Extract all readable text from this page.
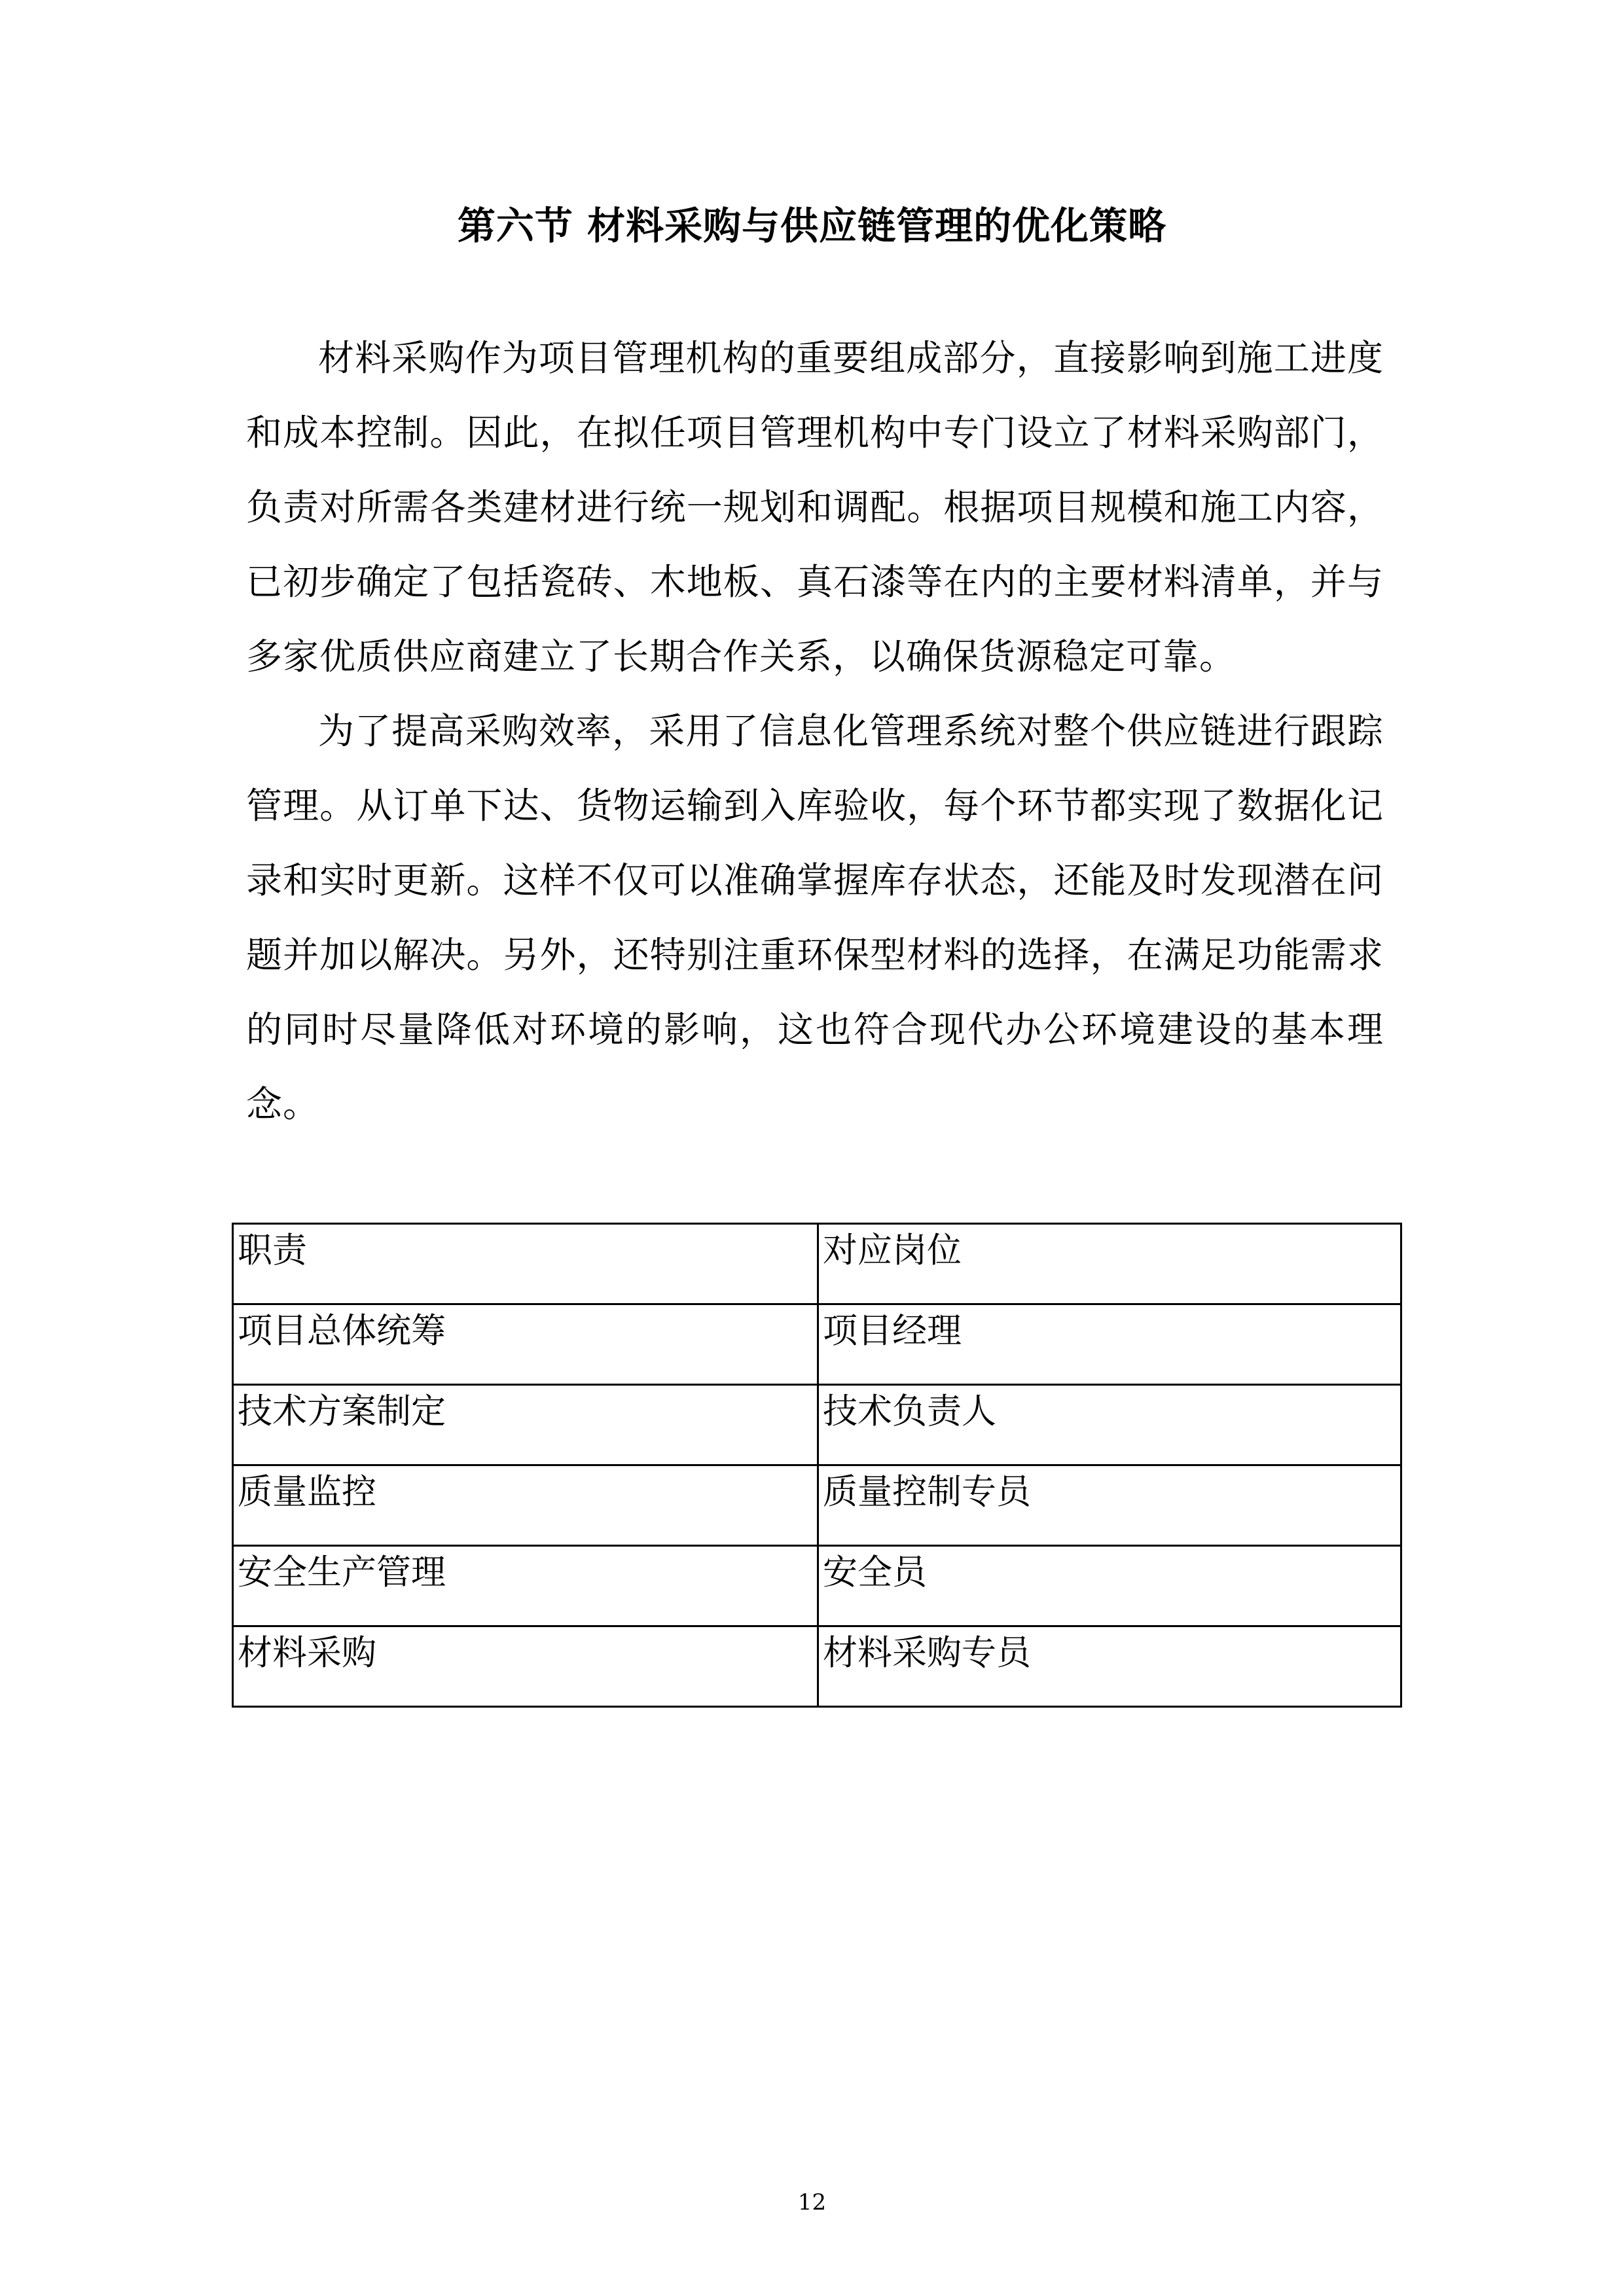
第六节 材料采购与供应链管理的优化策略

材料采购作为项目管理机构的重要组成部分，直接影响到施工进度和成本控制。因此，在拟任项目管理机构中专门设立了材料采购部门，负责对所需各类建材进行统一规划和调配。根据项目规模和施工内容，已初步确定了包括瓷砖、木地板、真石漆等在内的主要材料清单，并与多家优质供应商建立了长期合作关系，以确保货源稳定可靠。

为了提高采购效率，采用了信息化管理系统对整个供应链进行跟踪管理。从订单下达、货物运输到入库验收，每个环节都实现了数据化记录和实时更新。这样不仅可以准确掌握库存状态，还能及时发现潜在问题并加以解决。另外，还特别注重环保型材料的选择，在满足功能需求的同时尽量降低对环境的影响，这也符合现代办公环境建设的基本理念。

职责	对应岗位
项目总体统筹	项目经理
技术方案制定	技术负责人
质量监控	质量控制专员
安全生产管理	安全员
材料采购	材料采购专员
12
